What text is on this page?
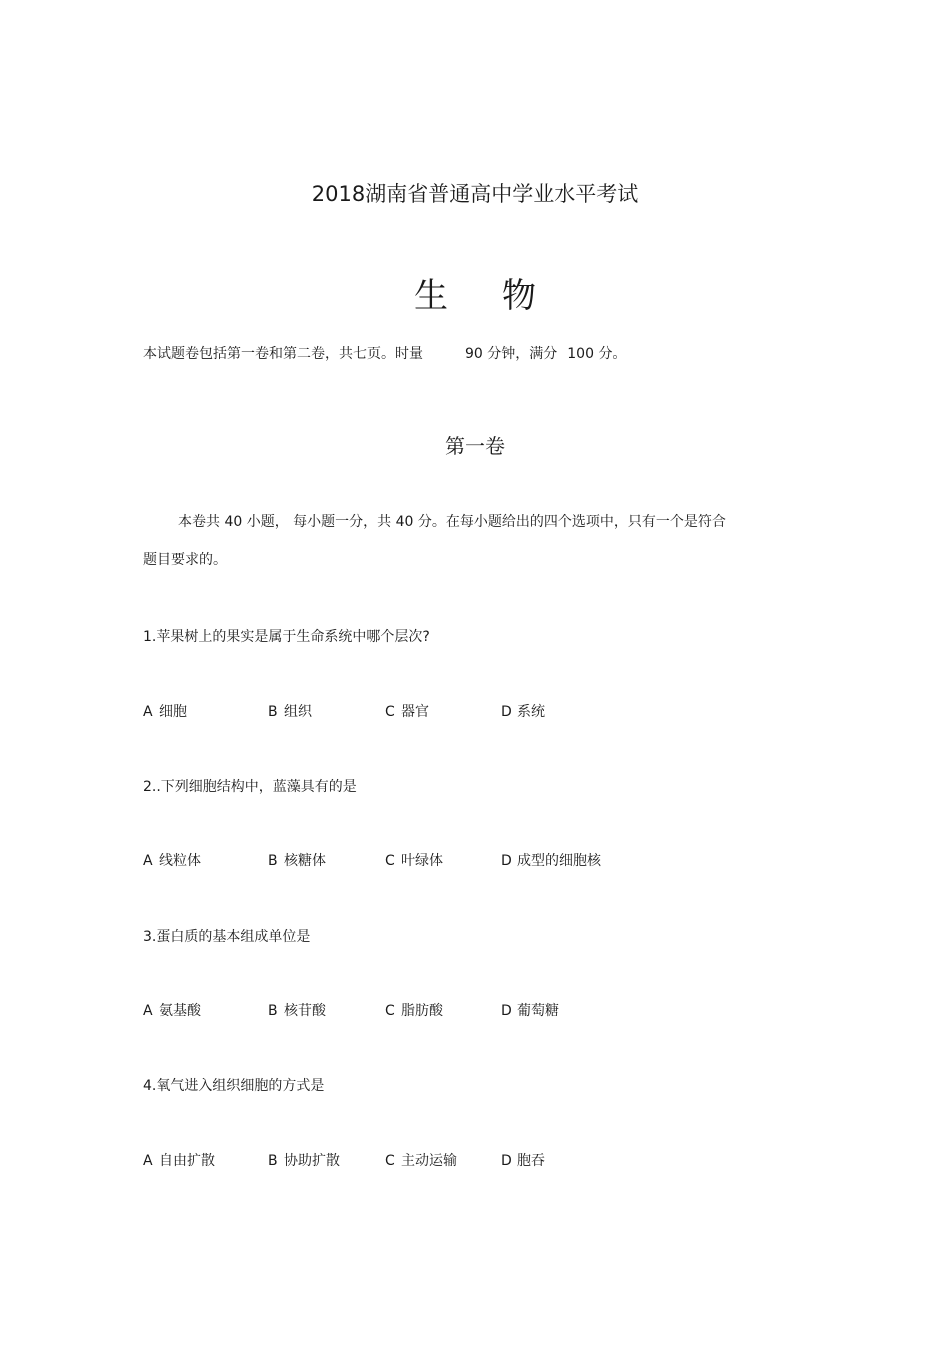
2018湖南省普通高中学业水平考试
生 物
本试题卷包括第一卷和第二卷，共七页。时量	90 分钟，满分 100 分。
第一卷
本卷共 40 小题， 每小题一分，共 40 分。在每小题给出的四个选项中，只有一个是符合
题目要求的。
1.苹果树上的果实是属于生命系统中哪个层次?
A 细胞	B 组织	C 器官	D 系统
2..下列细胞结构中，蓝藻具有的是
A 线粒体	B 核糖体	C 叶绿体	D 成型的细胞核
3.蛋白质的基本组成单位是
A 氨基酸	B 核苷酸	C 脂肪酸	D 葡萄糖
4.氧气进入组织细胞的方式是
A 自由扩散	B 协助扩散	C 主动运输	D 胞吞
